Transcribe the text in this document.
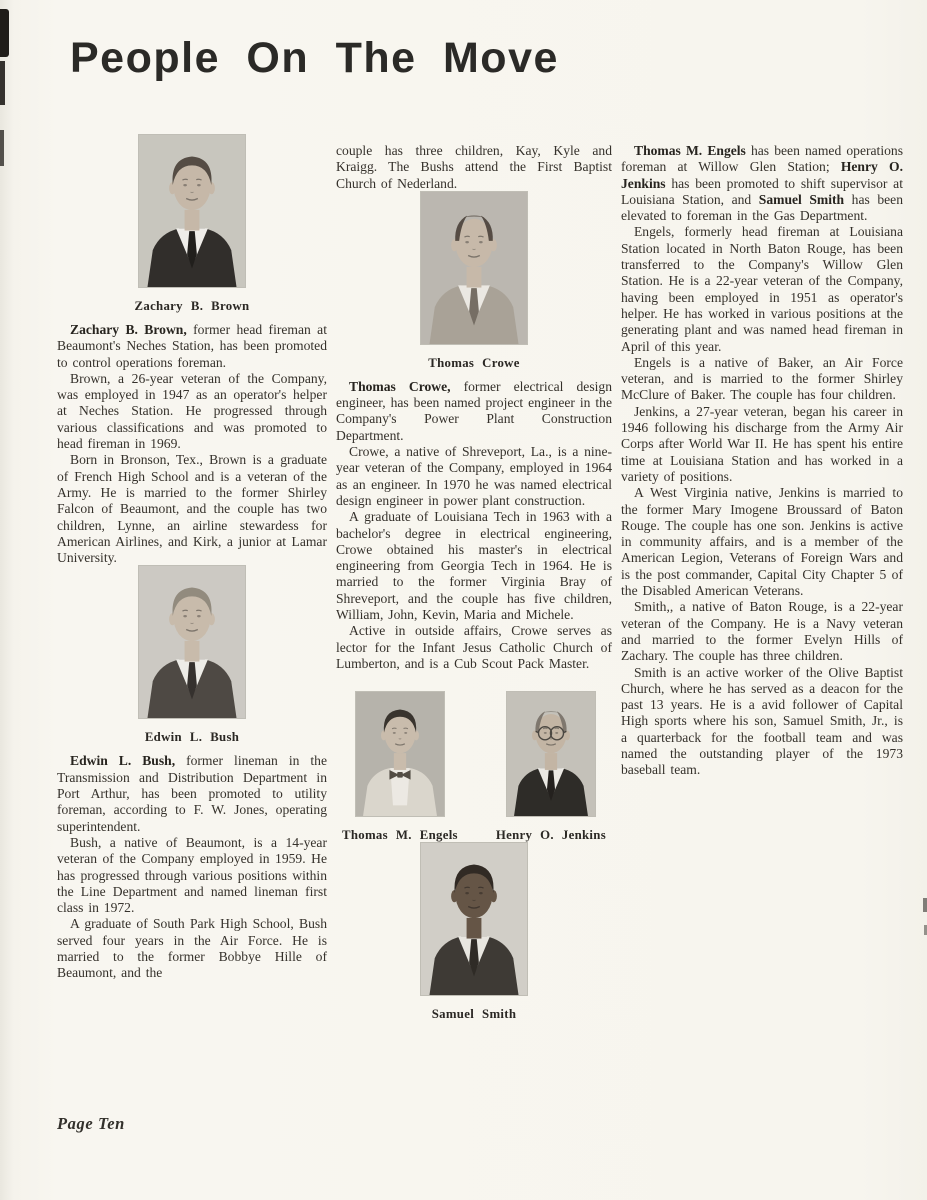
People On The Move
Zachary B. Brown

Zachary B. Brown, former head fireman at Beaumont's Neches Station, has been promoted to control operations foreman.

Brown, a 26-year veteran of the Company, was employed in 1947 as an operator's helper at Neches Station. He progressed through various classifications and was promoted to head fireman in 1969.

Born in Bronson, Tex., Brown is a graduate of French High School and is a veteran of the Army. He is married to the former Shirley Falcon of Beaumont, and the couple has two children, Lynne, an airline stewardess for American Airlines, and Kirk, a junior at Lamar University.

Edwin L. Bush

Edwin L. Bush, former lineman in the Transmission and Distribution Department in Port Arthur, has been promoted to utility foreman, according to F. W. Jones, operating superintendent.

Bush, a native of Beaumont, is a 14-year veteran of the Company employed in 1959. He has progressed through various positions within the Line Department and named lineman first class in 1972.

A graduate of South Park High School, Bush served four years in the Air Force. He is married to the former Bobbye Hille of Beaumont, and the

couple has three children, Kay, Kyle and Kraigg. The Bushs attend the First Baptist Church of Nederland.

Thomas Crowe

Thomas Crowe, former electrical design engineer, has been named project engineer in the Company's Power Plant Construction Department.

Crowe, a native of Shreveport, La., is a nine-year veteran of the Company, employed in 1964 as an engineer. In 1970 he was named electrical design engineer in power plant construction.

A graduate of Louisiana Tech in 1963 with a bachelor's degree in electrical engineering, Crowe obtained his master's in electrical engineering from Georgia Tech in 1964. He is married to the former Virginia Bray of Shreveport, and the couple has five children, William, John, Kevin, Maria and Michele.

Active in outside affairs, Crowe serves as lector for the Infant Jesus Catholic Church of Lumberton, and is a Cub Scout Pack Master.

Thomas M. Engels	Henry O. Jenkins
Samuel Smith

Thomas M. Engels has been named operations foreman at Willow Glen Station; Henry O. Jenkins has been promoted to shift supervisor at Louisiana Station, and Samuel Smith has been elevated to foreman in the Gas Department.

Engels, formerly head fireman at Louisiana Station located in North Baton Rouge, has been transferred to the Company's Willow Glen Station. He is a 22-year veteran of the Company, having been employed in 1951 as operator's helper. He has worked in various positions at the generating plant and was named head fireman in April of this year.

Engels is a native of Baker, an Air Force veteran, and is married to the former Shirley McClure of Baker. The couple has four children.

Jenkins, a 27-year veteran, began his career in 1946 following his discharge from the Army Air Corps after World War II. He has spent his entire time at Louisiana Station and has worked in a variety of positions.

A West Virginia native, Jenkins is married to the former Mary Imogene Broussard of Baton Rouge. The couple has one son. Jenkins is active in community affairs, and is a member of the American Legion, Veterans of Foreign Wars and is the post commander, Capital City Chapter 5 of the Disabled American Veterans.

Smith,, a native of Baton Rouge, is a 22-year veteran of the Company. He is a Navy veteran and married to the former Evelyn Hills of Zachary. The couple has three children.

Smith is an active worker of the Olive Baptist Church, where he has served as a deacon for the past 13 years. He is a avid follower of Capital High sports where his son, Samuel Smith, Jr., is a quarterback for the football team and was named the outstanding player of the 1973 baseball team.

Page Ten
